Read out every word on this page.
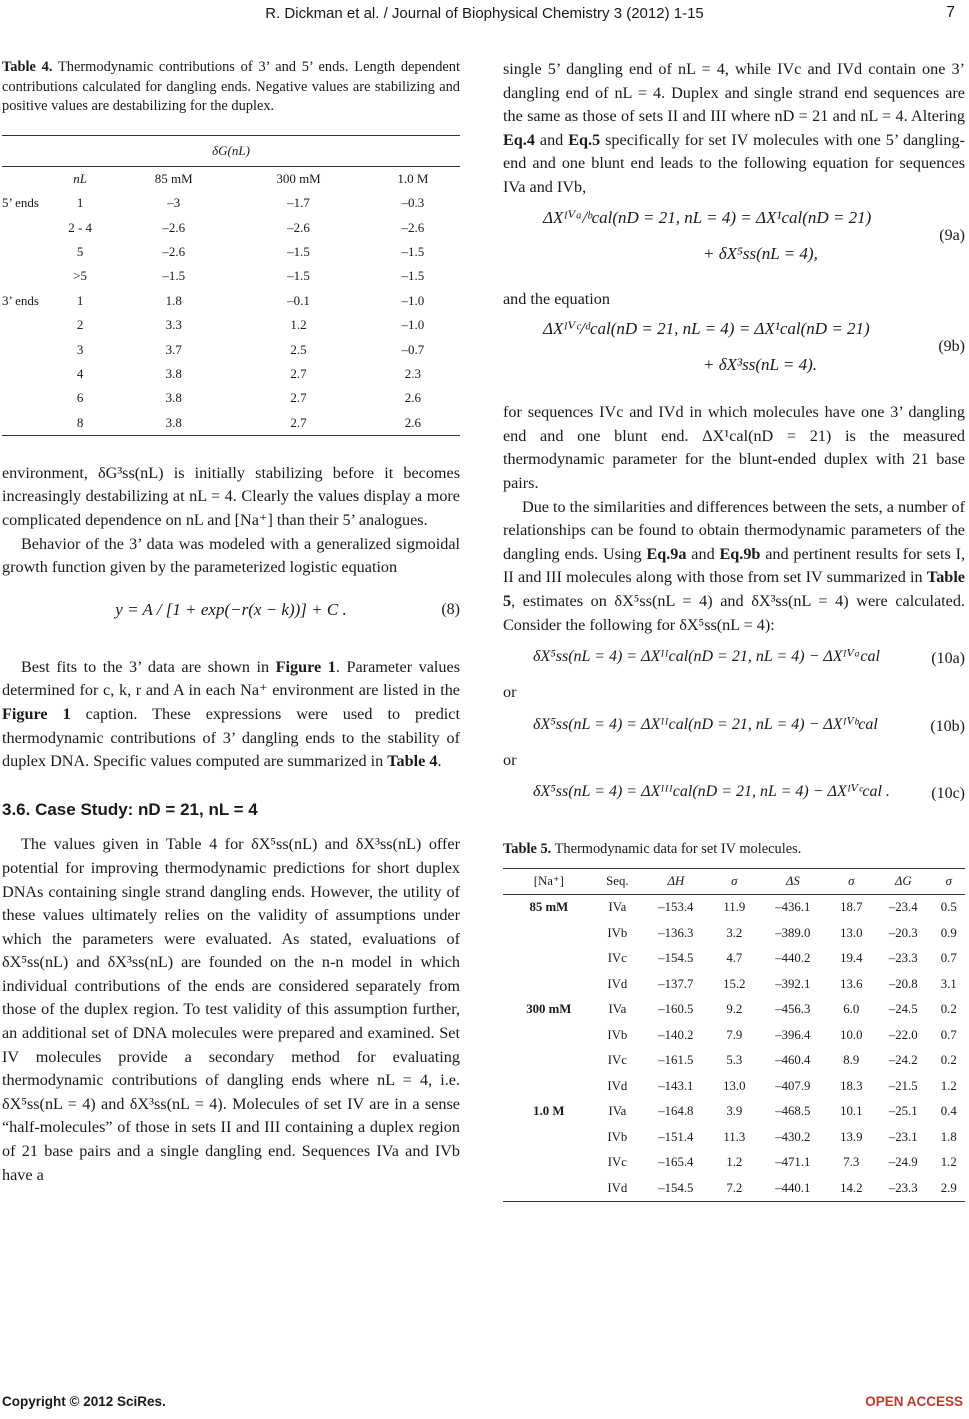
R. Dickman et al. / Journal of Biophysical Chemistry 3 (2012) 1-15	7

Table 4. Thermodynamic contributions of 3’ and 5’ ends. Length dependent contributions calculated for dangling ends. Negative values are stabilizing and positive values are destabilizing for the duplex.

δG(nL)				
	nL	85 mM	300 mM	1.0 M
5’ ends	1	–3	–1.7	–0.3
	2 - 4	–2.6	–2.6	–2.6
	5	–2.6	–1.5	–1.5
	>5	–1.5	–1.5	–1.5
3’ ends	1	1.8	–0.1	–1.0
	2	3.3	1.2	–1.0
	3	3.7	2.5	–0.7
	4	3.8	2.7	2.3
	6	3.8	2.7	2.6
	8	3.8	2.7	2.6

environment, δG³ss(nL) is initially stabilizing before it becomes increasingly destabilizing at nL = 4. Clearly the values display a more complicated dependence on nL and [Na⁺] than their 5’ analogues.

Behavior of the 3’ data was modeled with a generalized sigmoidal growth function given by the parameterized logistic equation

y = A / [1 + exp(−r(x − k))] + C .	(8)

Best fits to the 3’ data are shown in Figure 1. Parameter values determined for c, k, r and A in each Na⁺ environment are listed in the Figure 1 caption. These expressions were used to predict thermodynamic contributions of 3’ dangling ends to the stability of duplex DNA. Specific values computed are summarized in Table 4.

3.6. Case Study: nD = 21, nL = 4

The values given in Table 4 for δX⁵ss(nL) and δX³ss(nL) offer potential for improving thermodynamic predictions for short duplex DNAs containing single strand dangling ends. However, the utility of these values ultimately relies on the validity of assumptions under which the parameters were evaluated. As stated, evaluations of δX⁵ss(nL) and δX³ss(nL) are founded on the n-n model in which individual contributions of the ends are considered separately from those of the duplex region. To test validity of this assumption further, an additional set of DNA molecules were prepared and examined. Set IV molecules provide a secondary method for evaluating thermodynamic contributions of dangling ends where nL = 4, i.e. δX⁵ss(nL = 4) and δX³ss(nL = 4). Molecules of set IV are in a sense “half-molecules” of those in sets II and III containing a duplex region of 21 base pairs and a single dangling end. Sequences IVa and IVb have a

single 5’ dangling end of nL = 4, while IVc and IVd contain one 3’ dangling end of nL = 4. Duplex and single strand end sequences are the same as those of sets II and III where nD = 21 and nL = 4. Altering Eq.4 and Eq.5 specifically for set IV molecules with one 5’ dangling-end and one blunt end leads to the following equation for sequences IVa and IVb,

ΔXᴵⱽᵃ/ᵇcal(nD = 21, nL = 4) = ΔX¹cal(nD = 21)
+ δX⁵ss(nL = 4),
(9a)

and the equation

ΔXᴵⱽᶜ/ᵈcal(nD = 21, nL = 4) = ΔX¹cal(nD = 21)
+ δX³ss(nL = 4).
(9b)

for sequences IVc and IVd in which molecules have one 3’ dangling end and one blunt end. ΔX¹cal(nD = 21) is the measured thermodynamic parameter for the blunt-ended duplex with 21 base pairs.

Due to the similarities and differences between the sets, a number of relationships can be found to obtain thermodynamic parameters of the dangling ends. Using Eq.9a and Eq.9b and pertinent results for sets I, II and III molecules along with those from set IV summarized in Table 5, estimates on δX⁵ss(nL = 4) and δX³ss(nL = 4) were calculated. Consider the following for δX⁵ss(nL = 4):

δX⁵ss(nL = 4) = ΔXᴵᴵcal(nD = 21, nL = 4) − ΔXᴵⱽᵃcal	(10a)

or

δX⁵ss(nL = 4) = ΔXᴵᴵcal(nD = 21, nL = 4) − ΔXᴵⱽᵇcal	(10b)

or

δX⁵ss(nL = 4) = ΔXᴵᴵᴵcal(nD = 21, nL = 4) − ΔXᴵⱽᶜcal .	(10c)

Table 5. Thermodynamic data for set IV molecules.

[Na⁺]	Seq.	ΔH	σ	ΔS	σ	ΔG	σ
85 mM	IVa	–153.4	11.9	–436.1	18.7	–23.4	0.5
	IVb	–136.3	3.2	–389.0	13.0	–20.3	0.9
	IVc	–154.5	4.7	–440.2	19.4	–23.3	0.7
	IVd	–137.7	15.2	–392.1	13.6	–20.8	3.1
300 mM	IVa	–160.5	9.2	–456.3	6.0	–24.5	0.2
	IVb	–140.2	7.9	–396.4	10.0	–22.0	0.7
	IVc	–161.5	5.3	–460.4	8.9	–24.2	0.2
	IVd	–143.1	13.0	–407.9	18.3	–21.5	1.2
1.0 M	IVa	–164.8	3.9	–468.5	10.1	–25.1	0.4
	IVb	–151.4	11.3	–430.2	13.9	–23.1	1.8
	IVc	–165.4	1.2	–471.1	7.3	–24.9	1.2
	IVd	–154.5	7.2	–440.1	14.2	–23.3	2.9
Copyright © 2012 SciRes.	OPEN ACCESS
